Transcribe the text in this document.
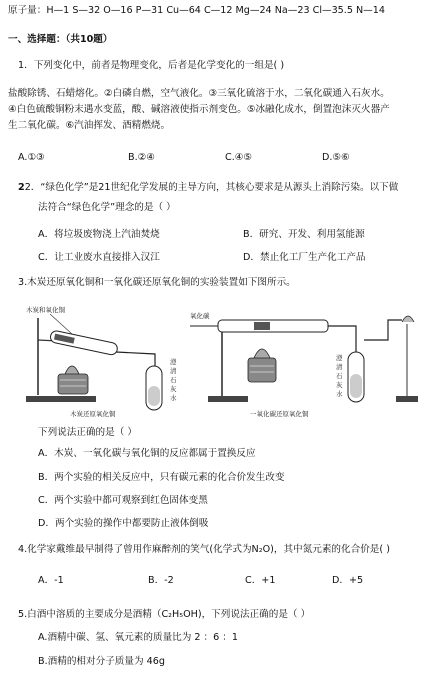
原子量：H—1 S—32 O—16 P—31 Cu—64 C—12 Mg—24 Na—23 Cl—35.5 N—14
一、选择题：（共10题）
1．下列变化中，前者是物理变化，后者是化学变化的一组是( )
盐酸除锈、石蜡熔化。②白磷自燃，空气液化。③三氧化硫溶于水，二氧化碳通入石灰水。
④白色硫酸铜粉末遇水变蓝，酸、碱溶液使指示剂变色。⑤冰融化成水，倒置泡沫灭火器产
生二氧化碳。⑥汽油挥发、酒精燃烧。
A.①③	B.②④	C.④⑤	D.⑤⑥
22．“绿色化学”是21世纪化学发展的主导方向，其核心要求是从源头上消除污染。以下做
法符合“绿色化学”理念的是（ ）
A．将垃圾废物浇上汽油焚烧	B．研究、开发、利用氢能源
C．让工业废水直接排入汉江	D．禁止化工厂生产化工产品
3.木炭还原氧化铜和一氧化碳还原氧化铜的实验装置如下图所示。
木炭和氧化铜
澄
清
石
灰
水
木炭还原氧化铜
氧化碳
澄
清
石
灰
水
一氧化碳还原氧化铜
下列说法正确的是（ ）
A．木炭、一氧化碳与氧化铜的反应都属于置换反应
B．两个实验的相关反应中，只有碳元素的化合价发生改变
C．两个实验中都可观察到红色固体变黑
D．两个实验的操作中都要防止液体倒吸
4.化学家戴维最早制得了曾用作麻醉剂的笑气(化学式为N₂O)，其中氮元素的化合价是( )
A．-1	B．-2	C．+1	D．+5
5.白酒中溶质的主要成分是酒精（C₂H₅OH)，下列说法正确的是（ ）
A.酒精中碳、氢、氧元素的质量比为 2 ：6 ：1
B.酒精的相对分子质量为 46g
